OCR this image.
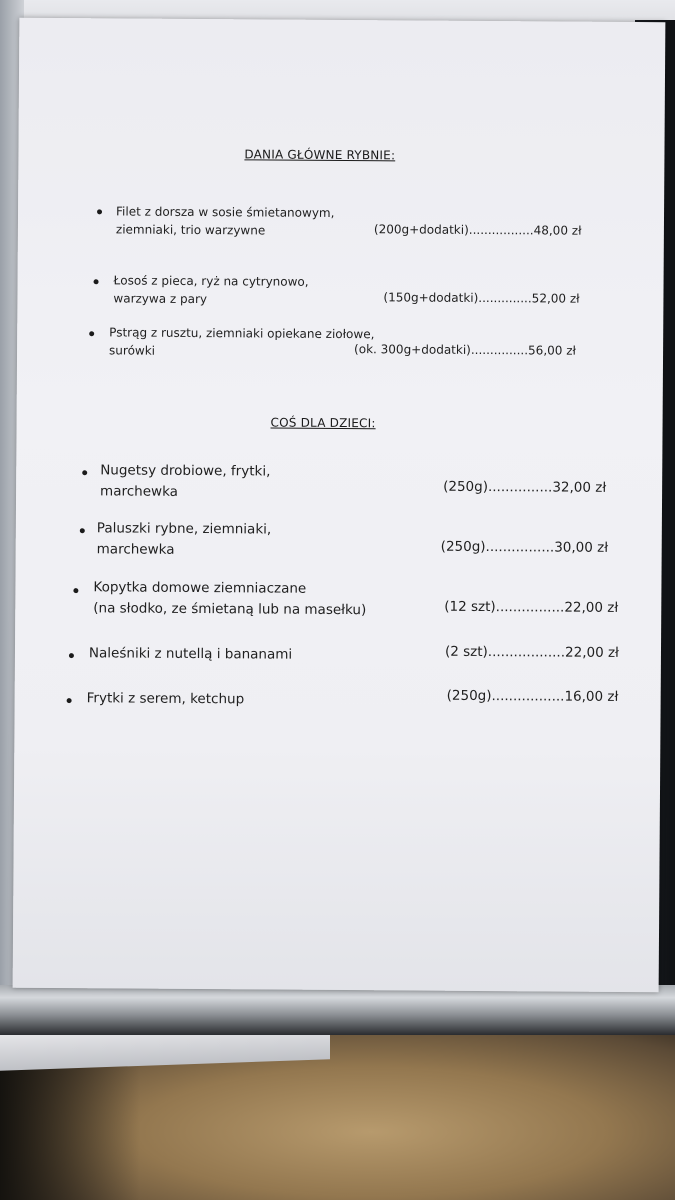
DANIA GŁÓWNE RYBNIE:
Filet z dorsza w sosie śmietanowym,
ziemniaki, trio warzywne	(200g+dodatki).................48,00 zł
Łosoś z pieca, ryż na cytrynowo,
warzywa z pary	(150g+dodatki)..............52,00 zł
Pstrąg z rusztu, ziemniaki opiekane ziołowe,
surówki	(ok. 300g+dodatki)...............56,00 zł
COŚ DLA DZIECI:
Nugetsy drobiowe, frytki,
marchewka	(250g)...............32,00 zł
Paluszki rybne, ziemniaki,
marchewka	(250g)................30,00 zł
Kopytka domowe ziemniaczane
(na słodko, ze śmietaną lub na masełku)	(12 szt)................22,00 zł
Naleśniki z nutellą i bananami	(2 szt)..................22,00 zł
Frytki z serem, ketchup	(250g).................16,00 zł
